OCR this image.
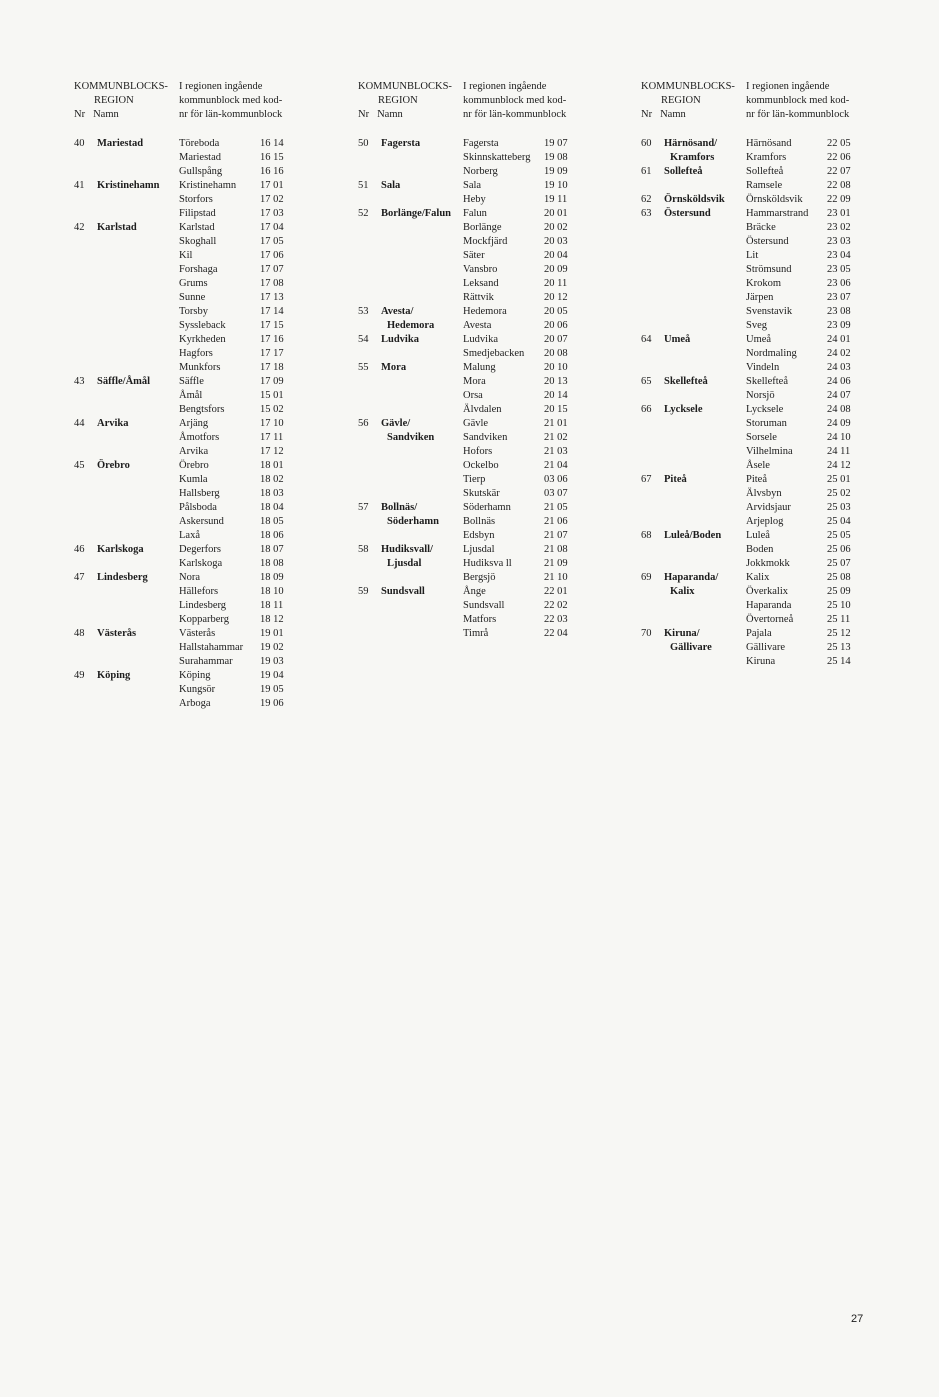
KOMMUNBLOCKS-
REGION
Nr Namn
I regionen ingående
kommunblock med kod-
nr för län-kommunblock
40 Mariestad	Töreboda	16 14
Mariestad	16 15
Gullspång	16 16
41 Kristinehamn	Kristinehamn 17 01
Storfors	17 02
Filipstad	17 03
42 Karlstad	Karlstad	17 04
Skoghall	17 05
Kil	17 06
Forshaga	17 07
Grums	17 08
Sunne	17 13
Torsby	17 14
Syssleback	17 15
Kyrkheden	17 16
Hagfors	17 17
Munkfors	17 18
43 Säffle/Åmål	Säffle	17 09
Åmål	15 01
Bengtsfors	15 02
44 Arvika	Arjäng	17 10
Åmotfors	17 11
Arvika	17 12
45 Örebro	Örebro	18 01
Kumla	18 02
Hallsberg	18 03
Pålsboda	18 04
Askersund	18 05
Laxå	18 06
46 Karlskoga	Degerfors	18 07
Karlskoga	18 08
47 Lindesberg	Nora	18 09
Hällefors	18 10
Lindesberg	18 11
Kopparberg	18 12
48 Västerås	Västerås	19 01
Hallstahammar 19 02
Surahammar	19 03
49 Köping	Köping	19 04
Kungsör	19 05
Arboga	19 06
KOMMUNBLOCKS-
REGION
Nr Namn
I regionen ingående
kommunblock med kod-
nr för län-kommunblock
50 Fagersta	Fagersta	19 07
Skinnskatteberg 19 08
Norberg	19 09
51 Sala	Sala	19 10
Heby	19 11
52 Borlänge/Falun	Falun	20 01
Borlänge	20 02
Mockfjärd	20 03
Säter	20 04
Vansbro	20 09
Leksand	20 11
Rättvik	20 12
53 Avesta/
Hedemora
Hedemora	20 05
Avesta	20 06
54 Ludvika	Ludvika	20 07
Smedjebacken 20 08
55 Mora	Malung	20 10
Mora	20 13
Orsa	20 14
Älvdalen	20 15
56 Gävle/
Sandviken
Gävle	21 01
Sandviken	21 02
Hofors	21 03
Ockelbo	21 04
Tierp	03 06
Skutskär	03 07
57 Bollnäs/
Söderhamn
Söderhamn	21 05
Bollnäs	21 06
Edsbyn	21 07
58 Hudiksvall/
Ljusdal
Ljusdal	21 08
Hudiksva ll	21 09
Bergsjö	21 10
59 Sundsvall	Ånge	22 01
Sundsvall	22 02
Matfors	22 03
Timrå	22 04
KOMMUNBLOCKS-
REGION
Nr Namn
I regionen ingående
kommunblock med kod-
nr för län-kommunblock
60 Härnösand/
Kramfors
Härnösand	22 05
Kramfors	22 06
61 Sollefteå	Sollefteå	22 07
Ramsele	22 08
62 Örnsköldsvik	Örnsköldsvik 22 09
63 Östersund	Hammarstrand 23 01
Bräcke	23 02
Östersund	23 03
Lit	23 04
Strömsund	23 05
Krokom	23 06
Järpen	23 07
Svenstavik	23 08
Sveg	23 09
64 Umeå	Umeå	24 01
Nordmaling	24 02
Vindeln	24 03
65 Skellefteå	Skellefteå	24 06
Norsjö	24 07
66 Lycksele	Lycksele	24 08
Storuman	24 09
Sorsele	24 10
Vilhelmina	24 11
Åsele	24 12
67 Piteå	Piteå	25 01
Älvsbyn	25 02
Arvidsjaur	25 03
Arjeplog	25 04
68 Luleå/Boden	Luleå	25 05
Boden	25 06
Jokkmokk	25 07
69 Haparanda/
Kalix
Kalix	25 08
Överkalix	25 09
Haparanda	25 10
Övertorneå	25 11
70 Kiruna/
Gällivare
Pajala	25 12
Gällivare	25 13
Kiruna	25 14
27
